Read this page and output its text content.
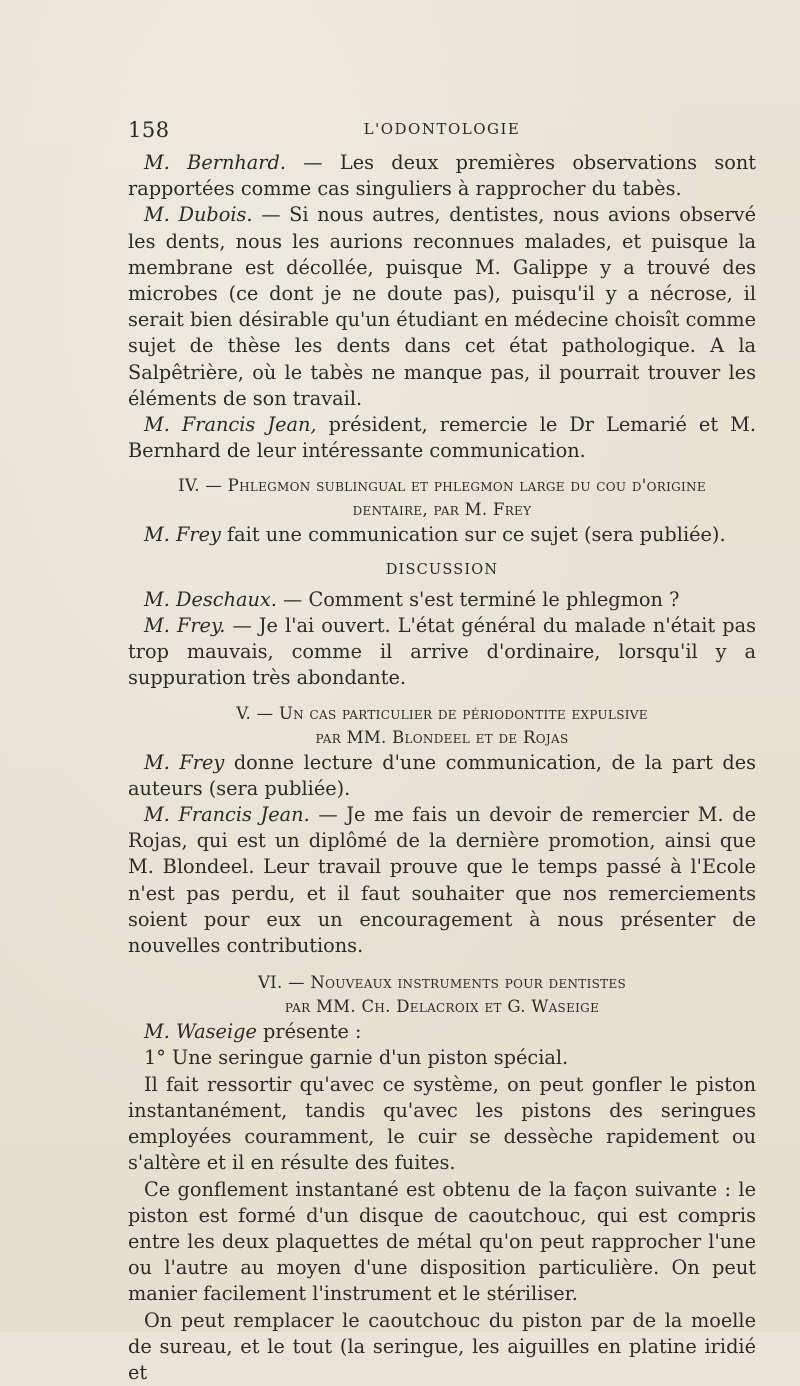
158	L'ODONTOLOGIE

M. Bernhard. — Les deux premières observations sont rapportées comme cas singuliers à rapprocher du tabès.

M. Dubois. — Si nous autres, dentistes, nous avions observé les dents, nous les aurions reconnues malades, et puisque la membrane est décollée, puisque M. Galippe y a trouvé des microbes (ce dont je ne doute pas), puisqu'il y a nécrose, il serait bien désirable qu'un étudiant en médecine choisît comme sujet de thèse les dents dans cet état pathologique. A la Salpêtrière, où le tabès ne manque pas, il pourrait trouver les éléments de son travail.

M. Francis Jean, président, remercie le Dr Lemarié et M. Bernhard de leur intéressante communication.

IV. — Phlegmon sublingual et phlegmon large du cou d'origine
dentaire, par M. Frey

M. Frey fait une communication sur ce sujet (sera publiée).

DISCUSSION

M. Deschaux. — Comment s'est terminé le phlegmon ?

M. Frey. — Je l'ai ouvert. L'état général du malade n'était pas trop mauvais, comme il arrive d'ordinaire, lorsqu'il y a suppuration très abondante.

V. — Un cas particulier de périodontite expulsive
par MM. Blondeel et de Rojas

M. Frey donne lecture d'une communication, de la part des auteurs (sera publiée).

M. Francis Jean. — Je me fais un devoir de remercier M. de Rojas, qui est un diplômé de la dernière promotion, ainsi que M. Blondeel. Leur travail prouve que le temps passé à l'Ecole n'est pas perdu, et il faut souhaiter que nos remerciements soient pour eux un encouragement à nous présenter de nouvelles contributions.

VI. — Nouveaux instruments pour dentistes
par MM. Ch. Delacroix et G. Waseige

M. Waseige présente :

1° Une seringue garnie d'un piston spécial.

Il fait ressortir qu'avec ce système, on peut gonfler le piston instantanément, tandis qu'avec les pistons des seringues employées couramment, le cuir se dessèche rapidement ou s'altère et il en résulte des fuites.

Ce gonflement instantané est obtenu de la façon suivante : le piston est formé d'un disque de caoutchouc, qui est compris entre les deux plaquettes de métal qu'on peut rapprocher l'une ou l'autre au moyen d'une disposition particulière. On peut manier facilement l'instrument et le stériliser.

On peut remplacer le caoutchouc du piston par de la moelle de sureau, et le tout (la seringue, les aiguilles en platine iridié et
